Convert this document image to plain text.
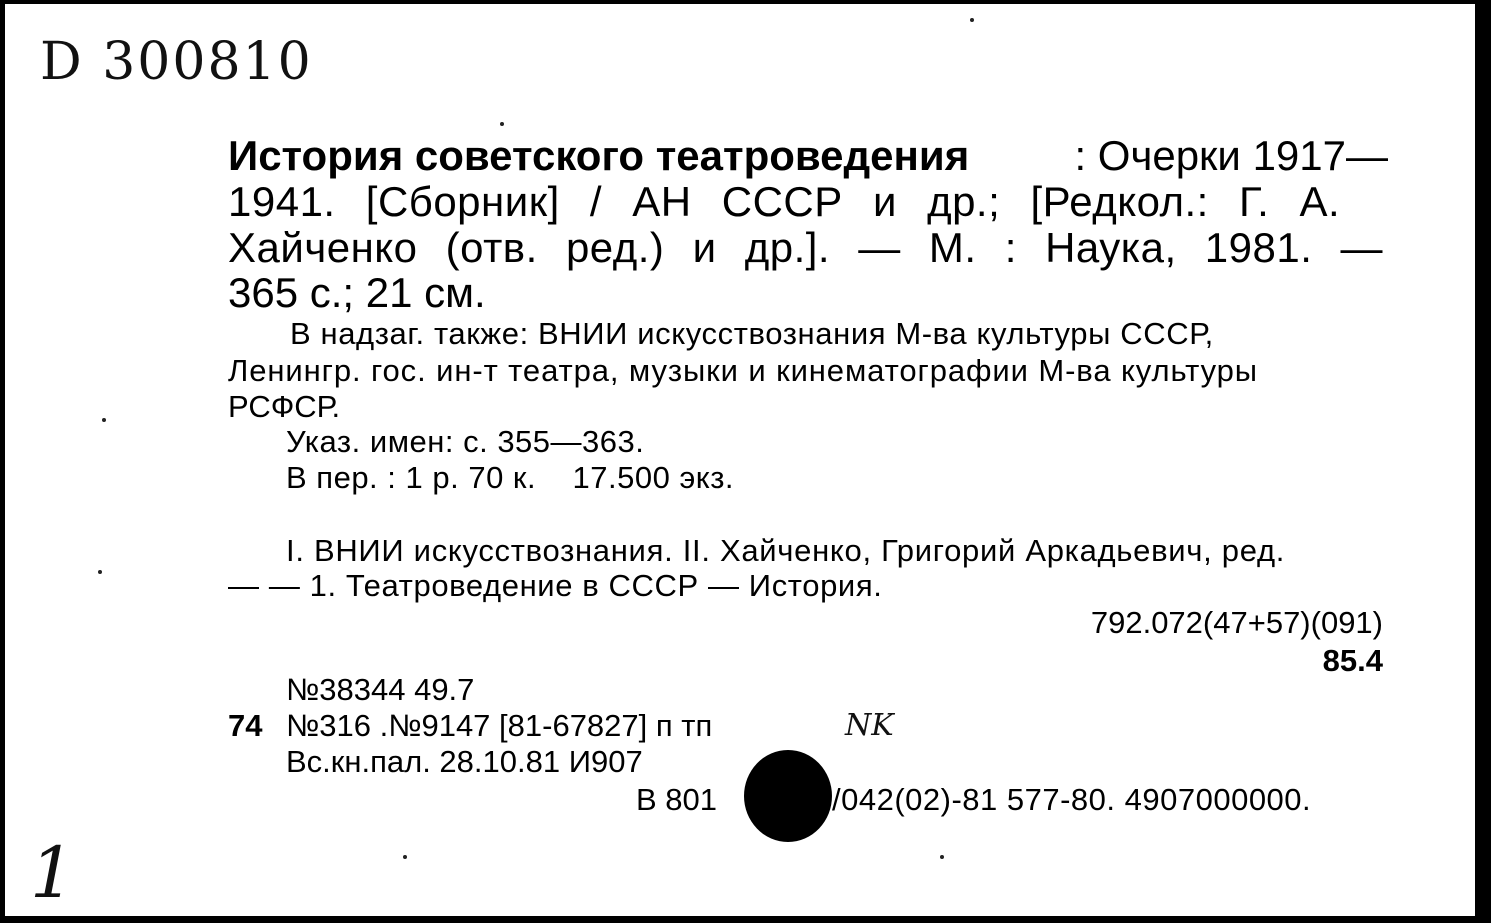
D 300810
История советского театроведения	: Очерки 1917—
1941. [Сборник] / АН СССР и др.; [Редкол.: Г. А.
Хайченко (отв. ред.) и др.]. — М. : Наука, 1981. —
365 с.; 21 см.
В надзаг. также: ВНИИ искусствознания М-ва культуры СССР,
Ленингр. гос. ин-т театра, музыки и кинематографии М-ва культуры
РСФСР.
Указ. имен: с. 355—363.
В пер. : 1 р. 70 к.    17.500 экз.
I. ВНИИ искусствознания. II. Хайченко, Григорий Аркадьевич, ред.
— — 1. Театроведение в СССР — История.
792.072(47+57)(091)
85.4
№38344 49.7
74 №316 .№9147 [81-67827] п тп	NK
Вс.кн.пал. 28.10.81 И907
В 801	/042(02)-81 577-80. 4907000000.
1
